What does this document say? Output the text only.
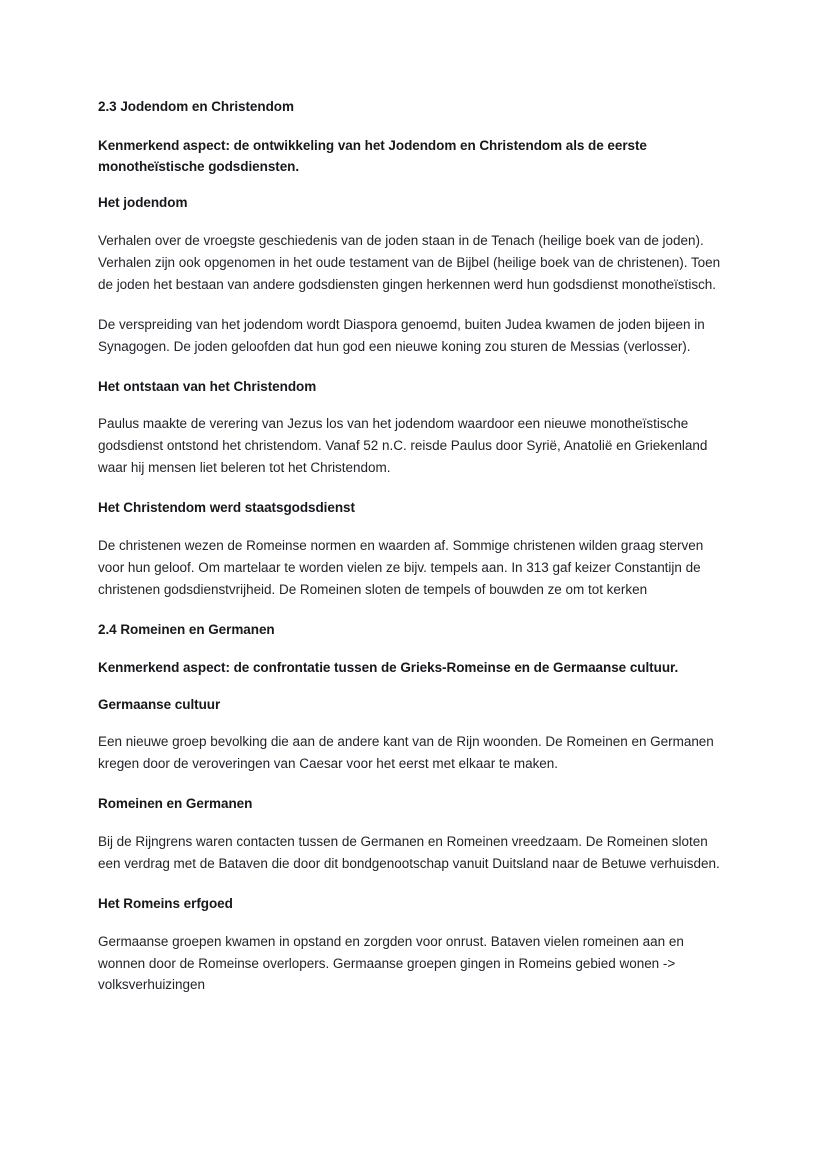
2.3 Jodendom en Christendom

Kenmerkend aspect: de ontwikkeling van het Jodendom en Christendom als de eerste monotheïstische godsdiensten.

Het jodendom

Verhalen over de vroegste geschiedenis van de joden staan in de Tenach (heilige boek van de joden). Verhalen zijn ook opgenomen in het oude testament van de Bijbel (heilige boek van de christenen). Toen de joden het bestaan van andere godsdiensten gingen herkennen werd hun godsdienst monotheïstisch.

De verspreiding van het jodendom wordt Diaspora genoemd, buiten Judea kwamen de joden bijeen in Synagogen. De joden geloofden dat hun god een nieuwe koning zou sturen de Messias (verlosser).

Het ontstaan van het Christendom

Paulus maakte de verering van Jezus los van het jodendom waardoor een nieuwe monotheïstische godsdienst ontstond het christendom. Vanaf 52 n.C. reisde Paulus door Syrië, Anatolië en Griekenland waar hij mensen liet beleren tot het Christendom.

Het Christendom werd staatsgodsdienst

De christenen wezen de Romeinse normen en waarden af. Sommige christenen wilden graag sterven voor hun geloof. Om martelaar te worden vielen ze bijv. tempels aan. In 313 gaf keizer Constantijn de christenen godsdienstvrijheid. De Romeinen sloten de tempels of bouwden ze om tot kerken

2.4 Romeinen en Germanen

Kenmerkend aspect: de confrontatie tussen de Grieks-Romeinse en de Germaanse cultuur.

Germaanse cultuur

Een nieuwe groep bevolking die aan de andere kant van de Rijn woonden. De Romeinen en Germanen kregen door de veroveringen van Caesar voor het eerst met elkaar te maken.

Romeinen en Germanen

Bij de Rijngrens waren contacten tussen de Germanen en Romeinen vreedzaam. De Romeinen sloten een verdrag met de Bataven die door dit bondgenootschap vanuit Duitsland naar de Betuwe verhuisden.

Het Romeins erfgoed

Germaanse groepen kwamen in opstand en zorgden voor onrust. Bataven vielen romeinen aan en wonnen door de Romeinse overlopers. Germaanse groepen gingen in Romeins gebied wonen -> volksverhuizingen
